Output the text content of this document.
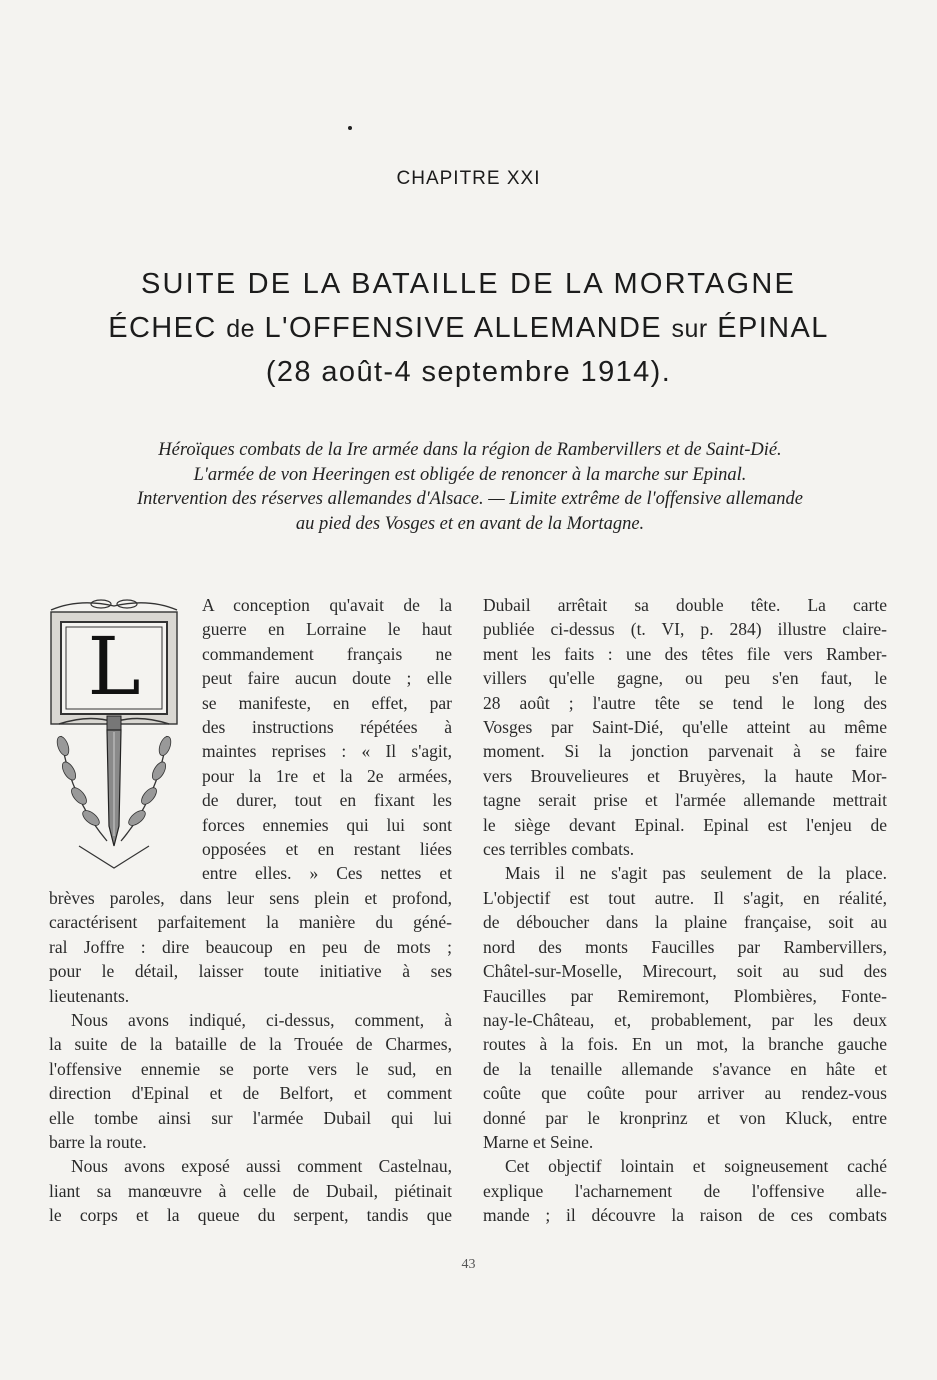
CHAPITRE XXI
SUITE DE LA BATAILLE DE LA MORTAGNE
ÉCHEC de L'OFFENSIVE ALLEMANDE sur ÉPINAL
(28 août-4 septembre 1914).
Héroïques combats de la Ire armée dans la région de Rambervillers et de Saint-Dié.
L'armée de von Heeringen est obligée de renoncer à la marche sur Epinal.
Intervention des réserves allemandes d'Alsace. — Limite extrême de l'offensive allemande
au pied des Vosges et en avant de la Mortagne.
L
A conception qu'avait de la
guerre en Lorraine le haut
commandement français ne
peut faire aucun doute ; elle
se manifeste, en effet, par
des instructions répétées à
maintes reprises : « Il s'agit,
pour la 1re et la 2e armées,
de durer, tout en fixant les
forces ennemies qui lui sont
opposées et en restant liées
entre elles. » Ces nettes et
brèves paroles, dans leur sens plein et profond,
caractérisent parfaitement la manière du géné-
ral Joffre : dire beaucoup en peu de mots ;
pour le détail, laisser toute initiative à ses
lieutenants.
Nous avons indiqué, ci-dessus, comment, à
la suite de la bataille de la Trouée de Charmes,
l'offensive ennemie se porte vers le sud, en
direction d'Epinal et de Belfort, et comment
elle tombe ainsi sur l'armée Dubail qui lui
barre la route.
Nous avons exposé aussi comment Castelnau,
liant sa manœuvre à celle de Dubail, piétinait
le corps et la queue du serpent, tandis que
Dubail arrêtait sa double tête. La carte
publiée ci-dessus (t. VI, p. 284) illustre claire-
ment les faits : une des têtes file vers Ramber-
villers qu'elle gagne, ou peu s'en faut, le
28 août ; l'autre tête se tend le long des
Vosges par Saint-Dié, qu'elle atteint au même
moment. Si la jonction parvenait à se faire
vers Brouvelieures et Bruyères, la haute Mor-
tagne serait prise et l'armée allemande mettrait
le siège devant Epinal. Epinal est l'enjeu de
ces terribles combats.
Mais il ne s'agit pas seulement de la place.
L'objectif est tout autre. Il s'agit, en réalité,
de déboucher dans la plaine française, soit au
nord des monts Faucilles par Rambervillers,
Châtel-sur-Moselle, Mirecourt, soit au sud des
Faucilles par Remiremont, Plombières, Fonte-
nay-le-Château, et, probablement, par les deux
routes à la fois. En un mot, la branche gauche
de la tenaille allemande s'avance en hâte et
coûte que coûte pour arriver au rendez-vous
donné par le kronprinz et von Kluck, entre
Marne et Seine.
Cet objectif lointain et soigneusement caché
explique l'acharnement de l'offensive alle-
mande ; il découvre la raison de ces combats
43
